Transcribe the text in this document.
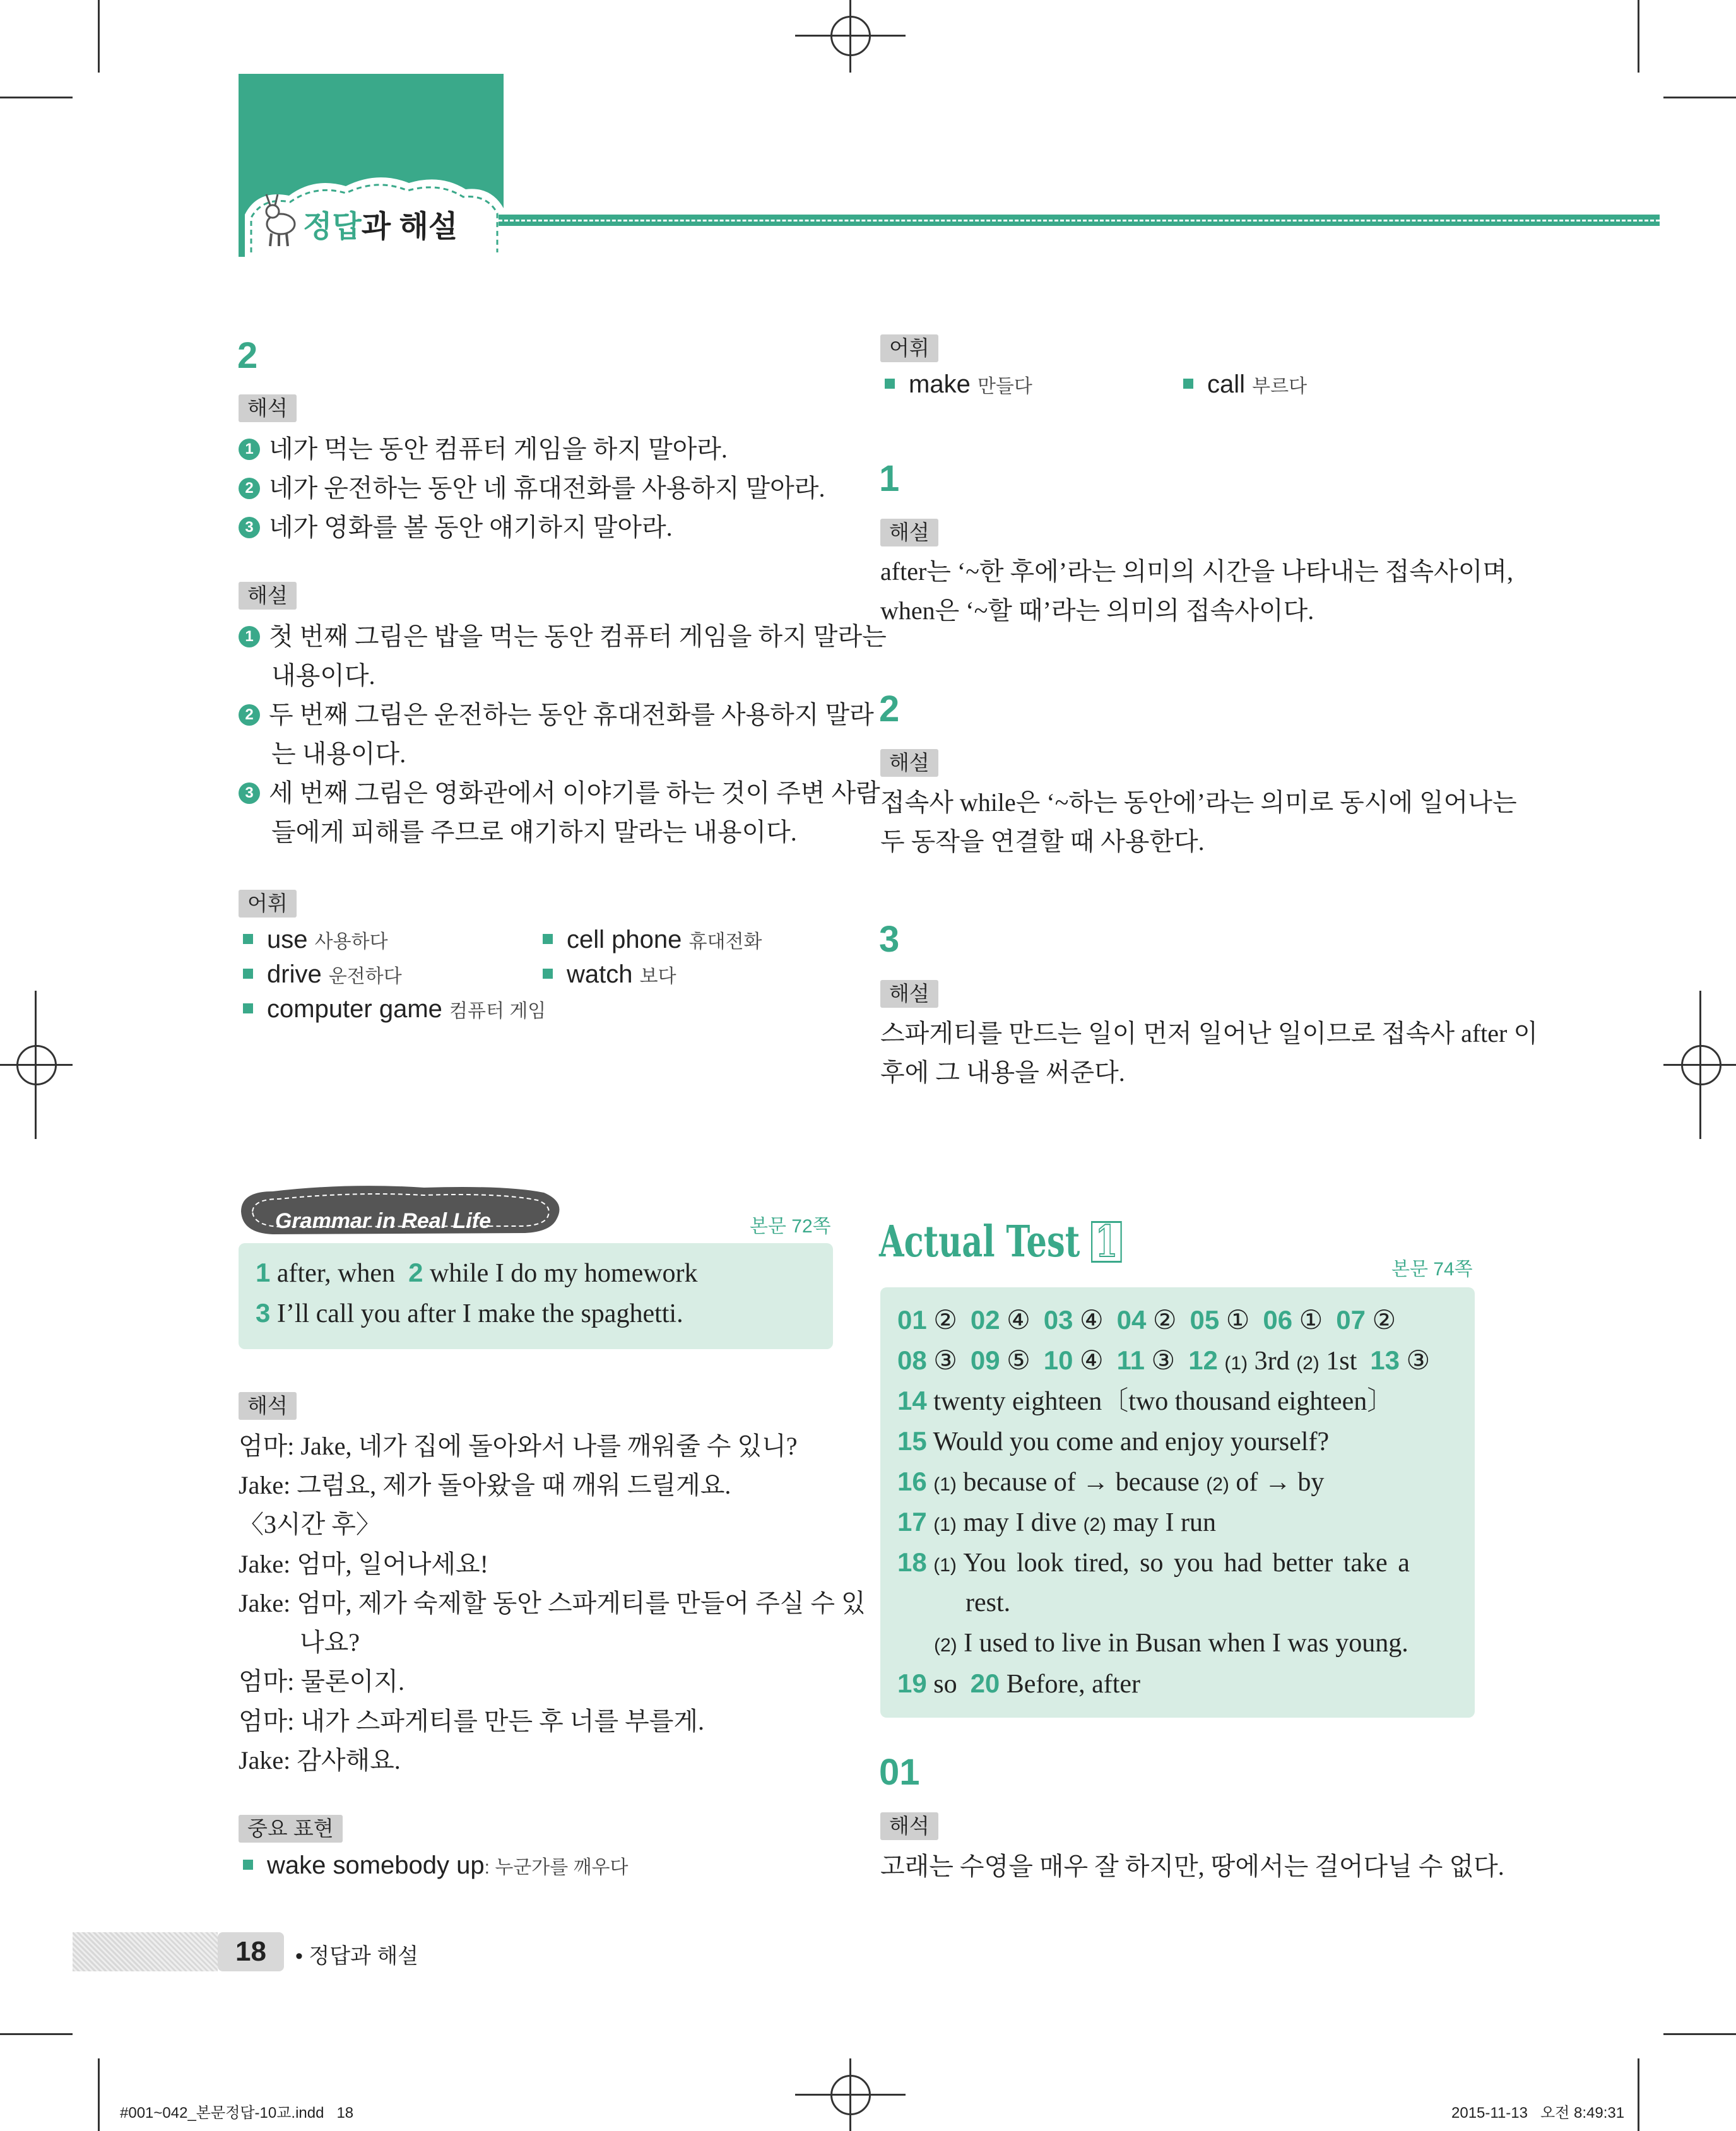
정답과 해설
2
해석
1 네가 먹는 동안 컴퓨터 게임을 하지 말아라.
2 네가 운전하는 동안 네 휴대전화를 사용하지 말아라.
3 네가 영화를 볼 동안 얘기하지 말아라.
해설
1 첫 번째 그림은 밥을 먹는 동안 컴퓨터 게임을 하지 말라는
내용이다.
2 두 번째 그림은 운전하는 동안 휴대전화를 사용하지 말라
는 내용이다.
3 세 번째 그림은 영화관에서 이야기를 하는 것이 주변 사람
들에게 피해를 주므로 얘기하지 말라는 내용이다.
어휘
use 사용하다	cell phone 휴대전화
drive 운전하다	watch 보다
computer game 컴퓨터 게임
어휘
make 만들다	call 부르다
1
해설
after는 ‘~한 후에’라는 의미의 시간을 나타내는 접속사이며,
when은 ‘~할 때’라는 의미의 접속사이다.
2
해설
접속사 while은 ‘~하는 동안에’라는 의미로 동시에 일어나는
두 동작을 연결할 때 사용한다.
3
해설
스파게티를 만드는 일이 먼저 일어난 일이므로 접속사 after 이
후에 그 내용을 써준다.
Grammar in Real Life	본문 72쪽
1 after, when 2 while I do my homework
3 I’ll call you after I make the spaghetti.
해석
엄마: Jake, 네가 집에 돌아와서 나를 깨워줄 수 있니?
Jake: 그럼요, 제가 돌아왔을 때 깨워 드릴게요.
〈3시간 후〉
Jake: 엄마, 일어나세요!
Jake: 엄마, 제가 숙제할 동안 스파게티를 만들어 주실 수 있
나요?
엄마: 물론이지.
엄마: 내가 스파게티를 만든 후 너를 부를게.
Jake: 감사해요.
중요 표현
wake somebody up: 누군가를 깨우다
Actual Test 1
본문 74쪽
01 ② 02 ④ 03 ④ 04 ② 05 ① 06 ① 07 ②
08 ③ 09 ⑤ 10 ④ 11 ③ 12 (1) 3rd (2) 1st 13 ③
14 twenty eighteen〔two thousand eighteen〕
15 Would you come and enjoy yourself?
16 (1) because of → because (2) of → by
17 (1) may I dive (2) may I run
18 (1) You look tired, so you had better take a
rest.
(2) I used to live in Busan when I was young.
19 so 20 Before, after
01
해석
고래는 수영을 매우 잘 하지만, 땅에서는 걸어다닐 수 없다.
18	• 정답과 해설
#001~042_본문정답-10교.indd   18	2015-11-13   오전 8:49:31
